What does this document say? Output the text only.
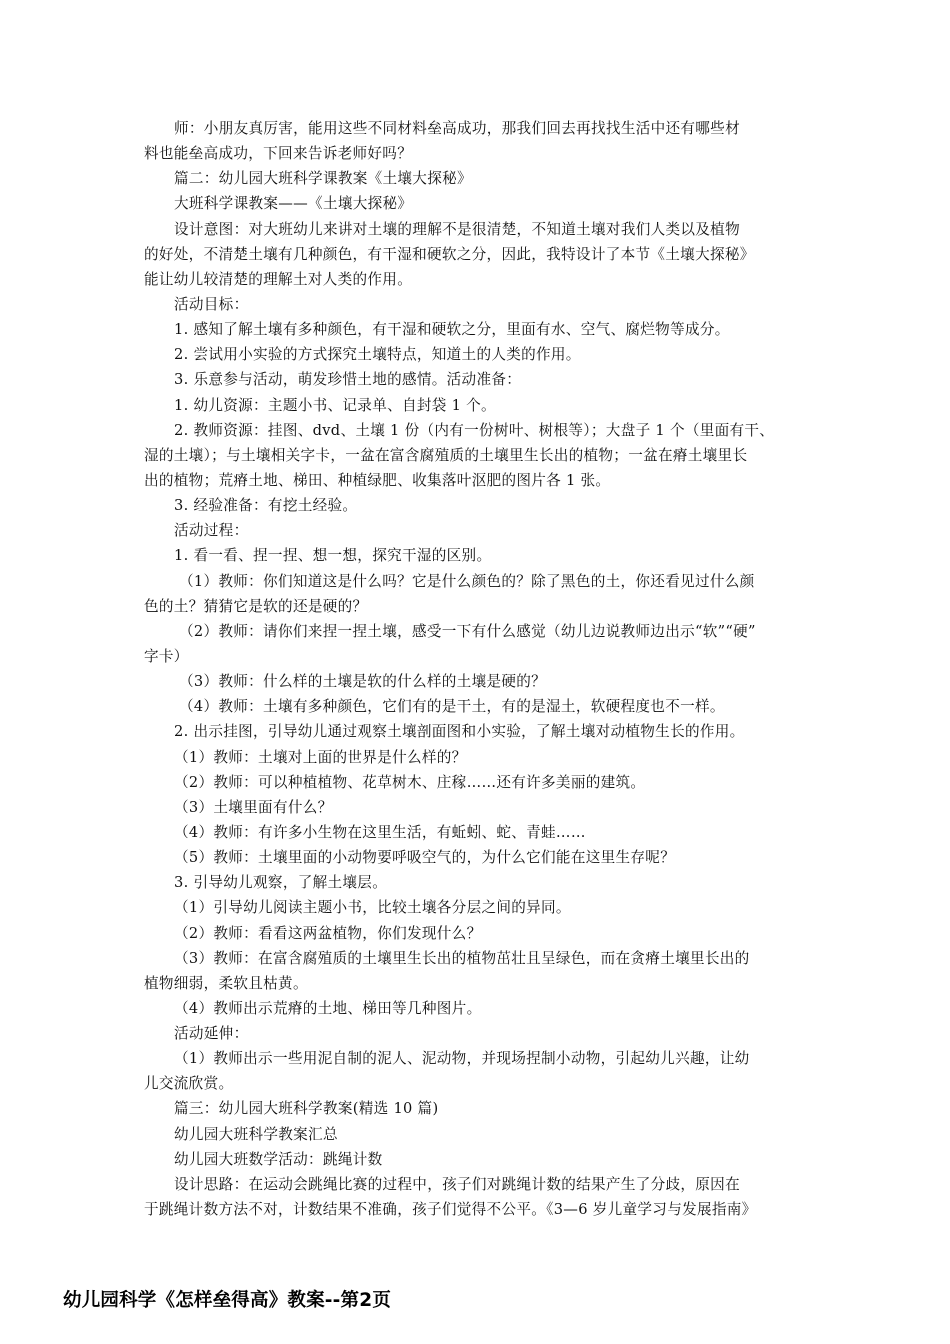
师：小朋友真厉害，能用这些不同材料垒高成功，那我们回去再找找生活中还有哪些材
料也能垒高成功，下回来告诉老师好吗？
篇二：幼儿园大班科学课教案《土壤大探秘》
大班科学课教案——《土壤大探秘》
设计意图：对大班幼儿来讲对土壤的理解不是很清楚，不知道土壤对我们人类以及植物
的好处，不清楚土壤有几种颜色，有干湿和硬软之分，因此，我特设计了本节《土壤大探秘》
能让幼儿较清楚的理解土对人类的作用。
活动目标：
1. 感知了解土壤有多种颜色，有干湿和硬软之分，里面有水、空气、腐烂物等成分。
2. 尝试用小实验的方式探究土壤特点，知道土的人类的作用。
3. 乐意参与活动，萌发珍惜土地的感情。活动准备：
1. 幼儿资源：主题小书、记录单、自封袋 1 个。
2. 教师资源：挂图、dvd、土壤 1 份（内有一份树叶、树根等）；大盘子 1 个（里面有干、
湿的土壤）；与土壤相关字卡，一盆在富含腐殖质的土壤里生长出的植物；一盆在瘠土壤里长
出的植物；荒瘠土地、梯田、种植绿肥、收集落叶沤肥的图片各 1 张。
3. 经验准备：有挖土经验。
活动过程：
1. 看一看、捏一捏、想一想，探究干湿的区别。
（1）教师：你们知道这是什么吗？它是什么颜色的？除了黑色的土，你还看见过什么颜
色的土？猜猜它是软的还是硬的？
（2）教师：请你们来捏一捏土壤，感受一下有什么感觉（幼儿边说教师边出示“软”“硬”
字卡）
（3）教师：什么样的土壤是软的什么样的土壤是硬的？
（4）教师：土壤有多种颜色，它们有的是干土，有的是湿土，软硬程度也不一样。
2. 出示挂图，引导幼儿通过观察土壤剖面图和小实验，了解土壤对动植物生长的作用。
（1）教师：土壤对上面的世界是什么样的？
（2）教师：可以种植植物、花草树木、庄稼……还有许多美丽的建筑。
（3）土壤里面有什么？
（4）教师：有许多小生物在这里生活，有蚯蚓、蛇、青蛙……
（5）教师：土壤里面的小动物要呼吸空气的，为什么它们能在这里生存呢？
3. 引导幼儿观察，了解土壤层。
（1）引导幼儿阅读主题小书，比较土壤各分层之间的异同。
（2）教师：看看这两盆植物，你们发现什么？
（3）教师：在富含腐殖质的土壤里生长出的植物茁壮且呈绿色，而在贪瘠土壤里长出的
植物细弱，柔软且枯黄。
（4）教师出示荒瘠的土地、梯田等几种图片。
活动延伸：
（1）教师出示一些用泥自制的泥人、泥动物，并现场捏制小动物，引起幼儿兴趣，让幼
儿交流欣赏。
篇三：幼儿园大班科学教案(精选 10 篇)
幼儿园大班科学教案汇总
幼儿园大班数学活动：跳绳计数
设计思路：在运动会跳绳比赛的过程中，孩子们对跳绳计数的结果产生了分歧，原因在
于跳绳计数方法不对，计数结果不准确，孩子们觉得不公平。《3—6 岁儿童学习与发展指南》
幼儿园科学《怎样垒得高》教案--第2页
